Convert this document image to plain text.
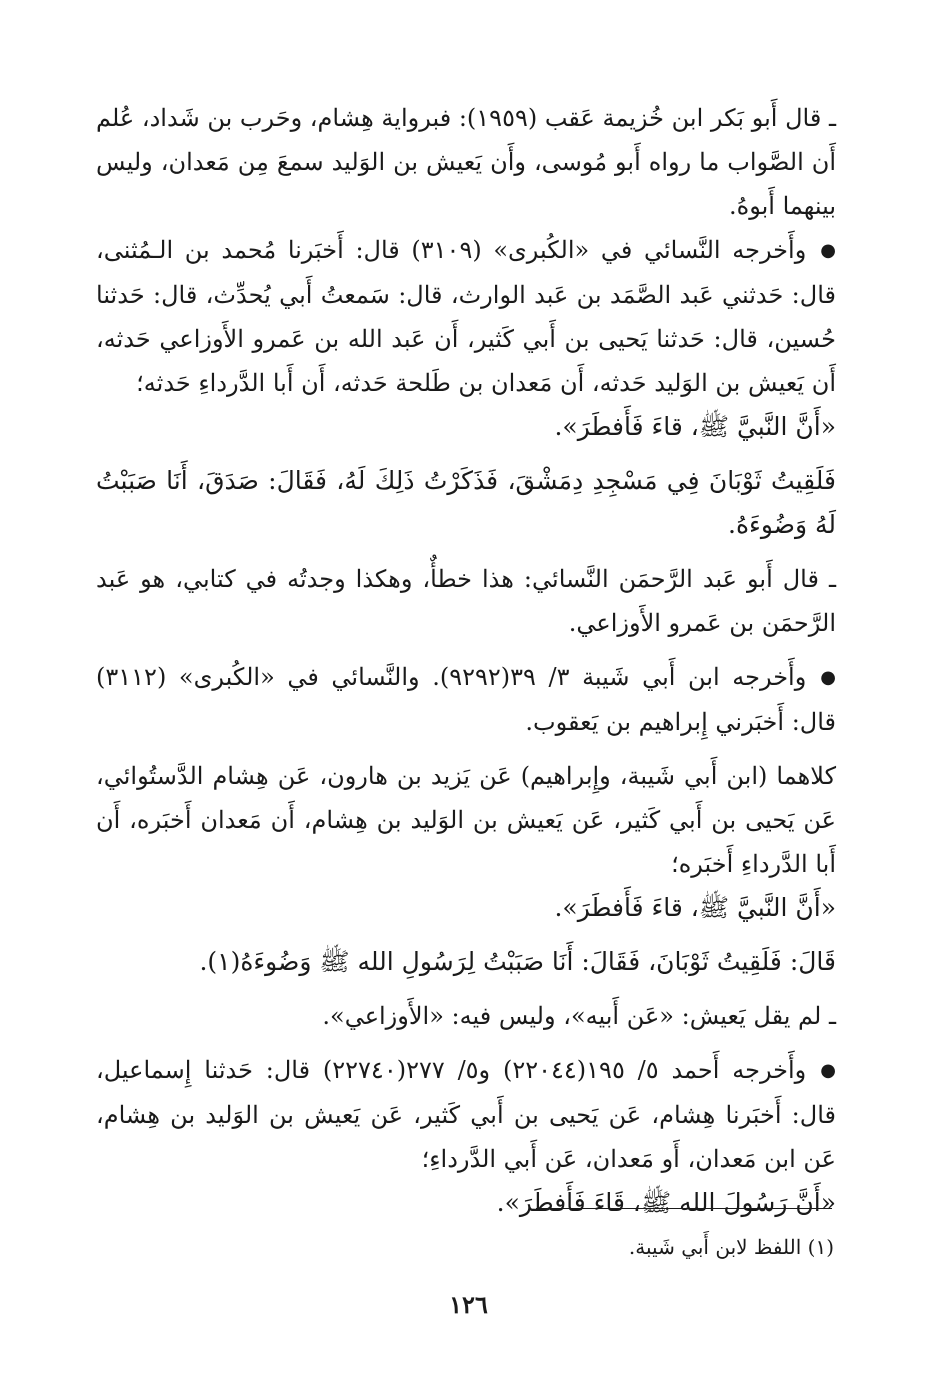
ـ قال أَبو بَكر ابن خُزيمة عَقب (١٩٥٩): فبرواية هِشام، وحَرب بن شَداد، عُلم أَن الصَّواب ما رواه أَبو مُوسى، وأَن يَعيش بن الوَليد سمعَ مِن مَعدان، وليس بينهما أَبوهُ.

●وأَخرجه النَّسائي في «الكُبرى» (٣١٠٩) قال: أَخبَرنا مُحمد بن الـمُثنى، قال: حَدثني عَبد الصَّمَد بن عَبد الوارث، قال: سَمعتُ أَبي يُحدِّث، قال: حَدثنا حُسين، قال: حَدثنا يَحيى بن أَبي كَثير، أَن عَبد الله بن عَمرو الأَوزاعي حَدثه، أَن يَعيش بن الوَليد حَدثه، أَن مَعدان بن طَلحة حَدثه، أَن أَبا الدَّرداءِ حَدثه؛

«أَنَّ النَّبيَّ ﷺ، قاءَ فَأَفطَرَ».

فَلَقِيتُ ثَوْبَانَ فِي مَسْجِدِ دِمَشْقَ، فَذَكَرْتُ ذَلِكَ لَهُ، فَقَالَ: صَدَقَ، أَنَا صَبَبْتُ لَهُ وَضُوءَهُ.

ـ قال أَبو عَبد الرَّحمَن النَّسائي: هذا خطأٌ، وهكذا وجدتُه في كتابي، هو عَبد الرَّحمَن بن عَمرو الأَوزاعي.

●وأَخرجه ابن أَبي شَيبة ٣/ ٣٩(٩٢٩٢). والنَّسائي في «الكُبرى» (٣١١٢) قال: أَخبَرني إِبراهيم بن يَعقوب.

كلاهما (ابن أَبي شَيبة، وإِبراهيم) عَن يَزيد بن هارون، عَن هِشام الدَّستُوائي، عَن يَحيى بن أَبي كَثير، عَن يَعيش بن الوَليد بن هِشام، أَن مَعدان أَخبَره، أَن أَبا الدَّرداءِ أَخبَره؛

«أَنَّ النَّبيَّ ﷺ، قاءَ فَأَفطَرَ».

قَالَ: فَلَقِيتُ ثَوْبَانَ، فَقَالَ: أَنَا صَبَبْتُ لِرَسُولِ الله ﷺ وَضُوءَهُ(١).

ـ لم يقل يَعيش: «عَن أَبيه»، وليس فيه: «الأَوزاعي».

●وأَخرجه أَحمد ٥/ ١٩٥(٢٢٠٤٤) و٥/ ٢٧٧(٢٢٧٤٠) قال: حَدثنا إِسماعيل، قال: أَخبَرنا هِشام، عَن يَحيى بن أَبي كَثير، عَن يَعيش بن الوَليد بن هِشام، عَن ابن مَعدان، أَو مَعدان، عَن أَبي الدَّرداءِ؛

«أَنَّ رَسُولَ الله ﷺ، قَاءَ فَأَفطَرَ».

(١) اللفظ لابن أَبي شَيبة.
١٢٦
